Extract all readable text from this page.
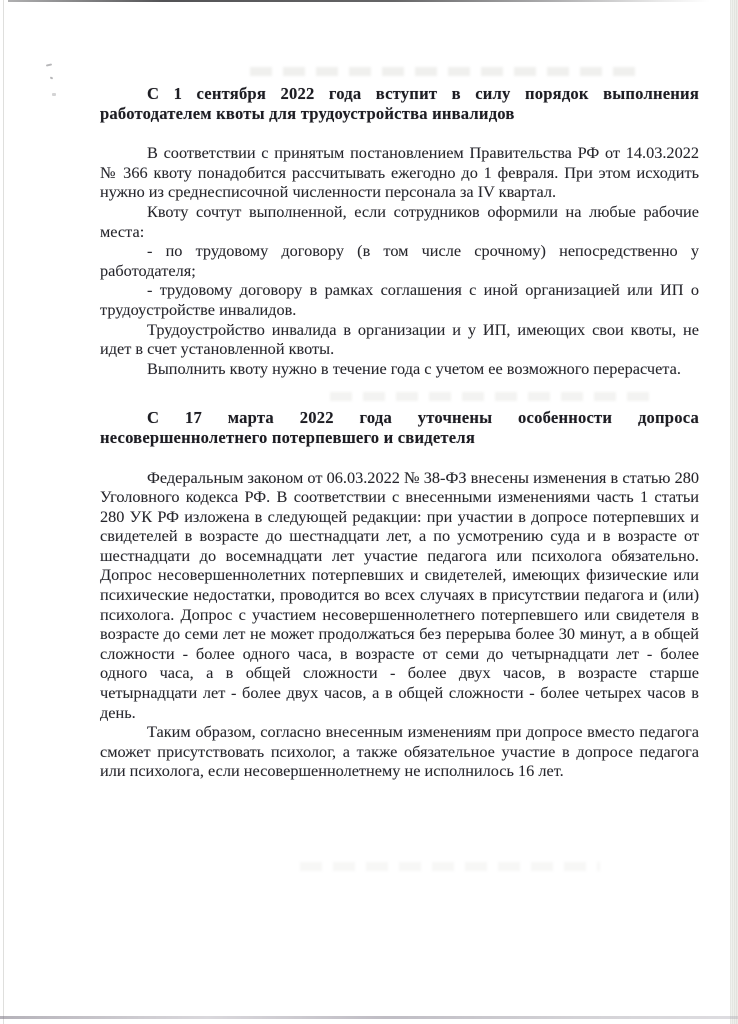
С 1 сентября 2022 года вступит в силу порядок выполнения работодателем квоты для трудоустройства инвалидов

В соответствии с принятым постановлением Правительства РФ от 14.03.2022 № 366 квоту понадобится рассчитывать ежегодно до 1 февраля. При этом исходить нужно из среднесписочной численности персонала за IV квартал.

Квоту сочтут выполненной, если сотрудников оформили на любые рабочие места:

- по трудовому договору (в том числе срочному) непосредственно у работодателя;

- трудовому договору в рамках соглашения с иной организацией или ИП о трудоустройстве инвалидов.

Трудоустройство инвалида в организации и у ИП, имеющих свои квоты, не идет в счет установленной квоты.

Выполнить квоту нужно в течение года с учетом ее возможного перерасчета.

С 17 марта 2022 года уточнены особенности допроса несовершеннолетнего потерпевшего и свидетеля

Федеральным законом от 06.03.2022 № 38-ФЗ внесены изменения в статью 280 Уголовного кодекса РФ. В соответствии с внесенными изменениями часть 1 статьи 280 УК РФ изложена в следующей редакции: при участии в допросе потерпевших и свидетелей в возрасте до шестнадцати лет, а по усмотрению суда и в возрасте от шестнадцати до восемнадцати лет участие педагога или психолога обязательно. Допрос несовершеннолетних потерпевших и свидетелей, имеющих физические или психические недостатки, проводится во всех случаях в присутствии педагога и (или) психолога. Допрос с участием несовершеннолетнего потерпевшего или свидетеля в возрасте до семи лет не может продолжаться без перерыва более 30 минут, а в общей сложности - более одного часа, в возрасте от семи до четырнадцати лет - более одного часа, а в общей сложности - более двух часов, в возрасте старше четырнадцати лет - более двух часов, а в общей сложности - более четырех часов в день.

Таким образом, согласно внесенным изменениям при допросе вместо педагога сможет присутствовать психолог, а также обязательное участие в допросе педагога или психолога, если несовершеннолетнему не исполнилось 16 лет.
